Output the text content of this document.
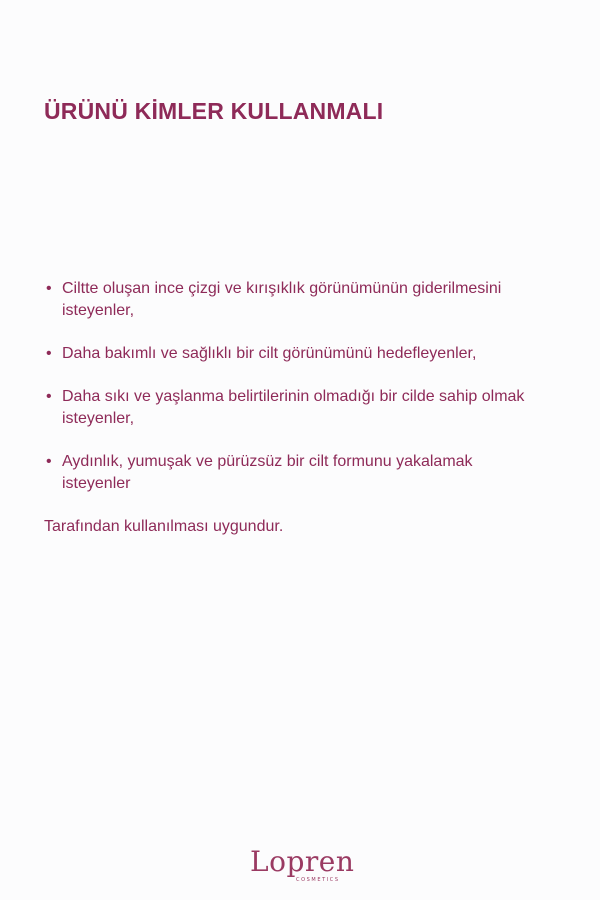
ÜRÜNÜ KİMLER KULLANMALI
• Ciltte oluşan ince çizgi ve kırışıklık görünümünün giderilmesini isteyenler,
• Daha bakımlı ve sağlıklı bir cilt görünümünü hedefleyenler,
• Daha sıkı ve yaşlanma belirtilerinin olmadığı bir cilde sahip olmak isteyenler,
• Aydınlık, yumuşak ve pürüzsüz bir cilt formunu yakalamak isteyenler

Tarafından kullanılması uygundur.

Lopren
COSMETICS
